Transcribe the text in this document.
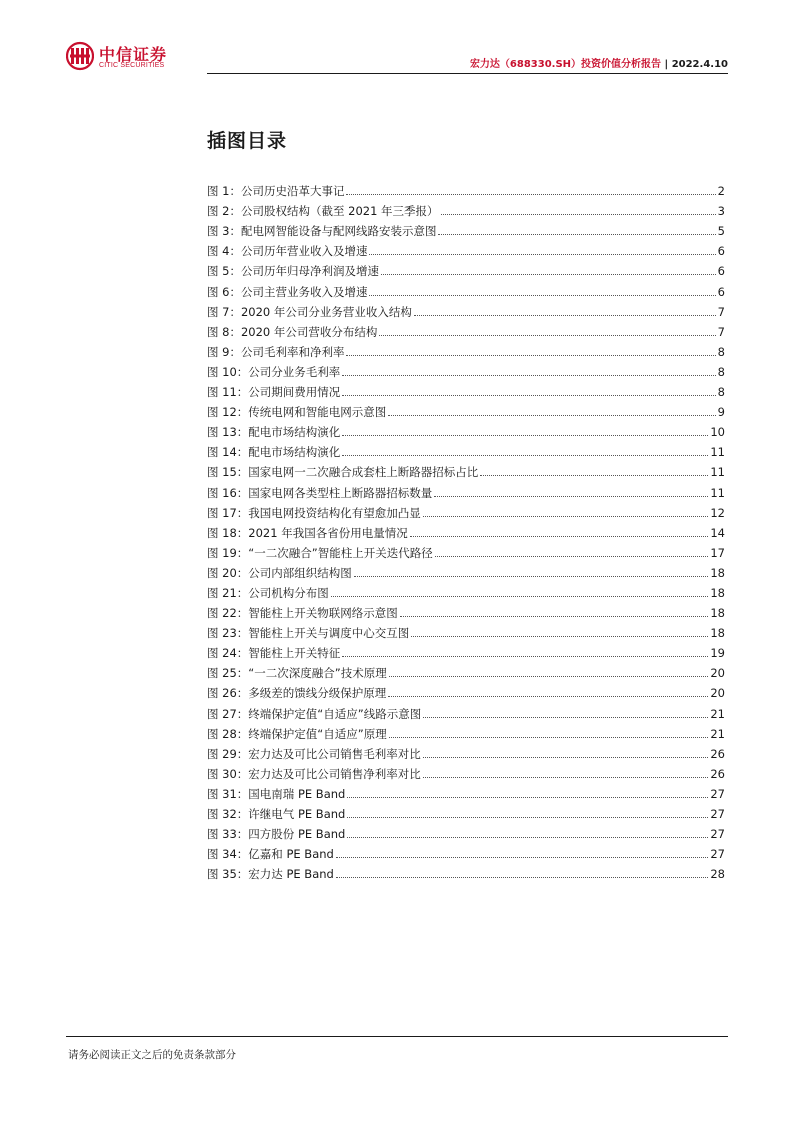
中信证券
CITIC SECURITIES	宏力达（688330.SH）投资价值分析报告 | 2022.4.10
插图目录
图 1：公司历史沿革大事记	2
图 2：公司股权结构（截至 2021 年三季报）	3
图 3：配电网智能设备与配网线路安装示意图	5
图 4：公司历年营业收入及增速	6
图 5：公司历年归母净利润及增速	6
图 6：公司主营业务收入及增速	6
图 7：2020 年公司分业务营业收入结构	7
图 8：2020 年公司营收分布结构	7
图 9：公司毛利率和净利率	8
图 10：公司分业务毛利率	8
图 11：公司期间费用情况	8
图 12：传统电网和智能电网示意图	9
图 13：配电市场结构演化	10
图 14：配电市场结构演化	11
图 15：国家电网一二次融合成套柱上断路器招标占比	11
图 16：国家电网各类型柱上断路器招标数量	11
图 17：我国电网投资结构化有望愈加凸显	12
图 18：2021 年我国各省份用电量情况	14
图 19：“一二次融合”智能柱上开关迭代路径	17
图 20：公司内部组织结构图	18
图 21：公司机构分布图	18
图 22：智能柱上开关物联网络示意图	18
图 23：智能柱上开关与调度中心交互图	18
图 24：智能柱上开关特征	19
图 25：“一二次深度融合”技术原理	20
图 26：多级差的馈线分级保护原理	20
图 27：终端保护定值“自适应”线路示意图	21
图 28：终端保护定值“自适应”原理	21
图 29：宏力达及可比公司销售毛利率对比	26
图 30：宏力达及可比公司销售净利率对比	26
图 31：国电南瑞 PE Band	27
图 32：许继电气 PE Band	27
图 33：四方股份 PE Band	27
图 34：亿嘉和 PE Band	27
图 35：宏力达 PE Band	28
请务必阅读正文之后的免责条款部分
